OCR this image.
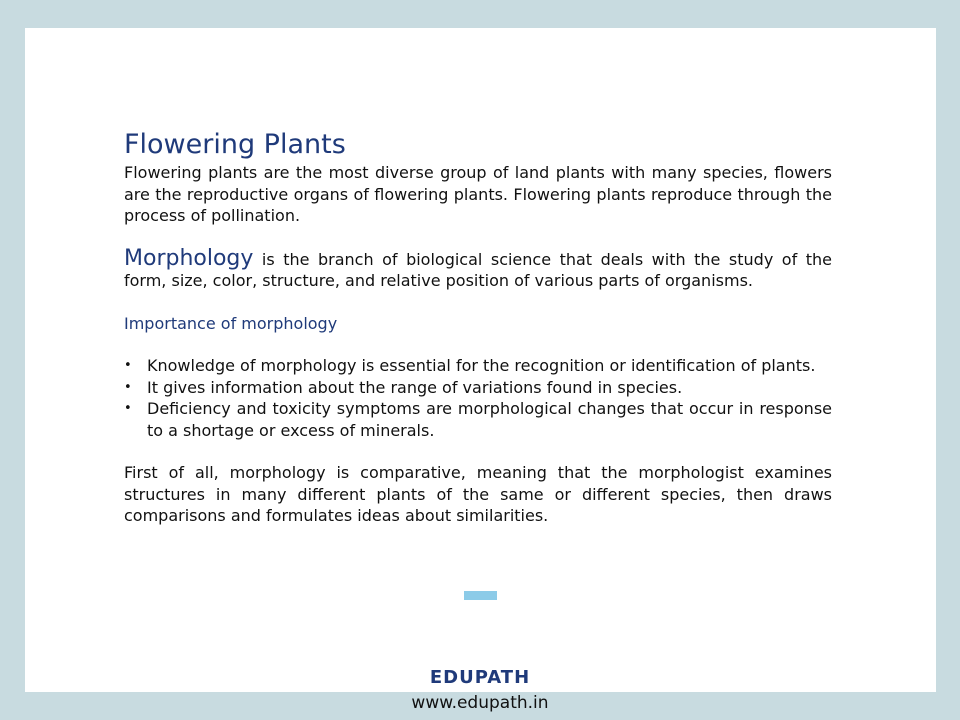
Flowering Plants

Flowering plants are the most diverse group of land plants with many species, flowers are the reproductive organs of flowering plants. Flowering plants reproduce through the process of pollination.

Morphology is the branch of biological science that deals with the study of the form, size, color, structure, and relative position of various parts of organisms.

Importance of morphology

• Knowledge of morphology is essential for the recognition or identification of plants.
• It gives information about the range of variations found in species.
• Deficiency and toxicity symptoms are morphological changes that occur in response to a shortage or excess of minerals.

First of all, morphology is comparative, meaning that the morphologist examines structures in many different plants of the same or different species, then draws comparisons and formulates ideas about similarities.

EDUPATH
www.edupath.in
